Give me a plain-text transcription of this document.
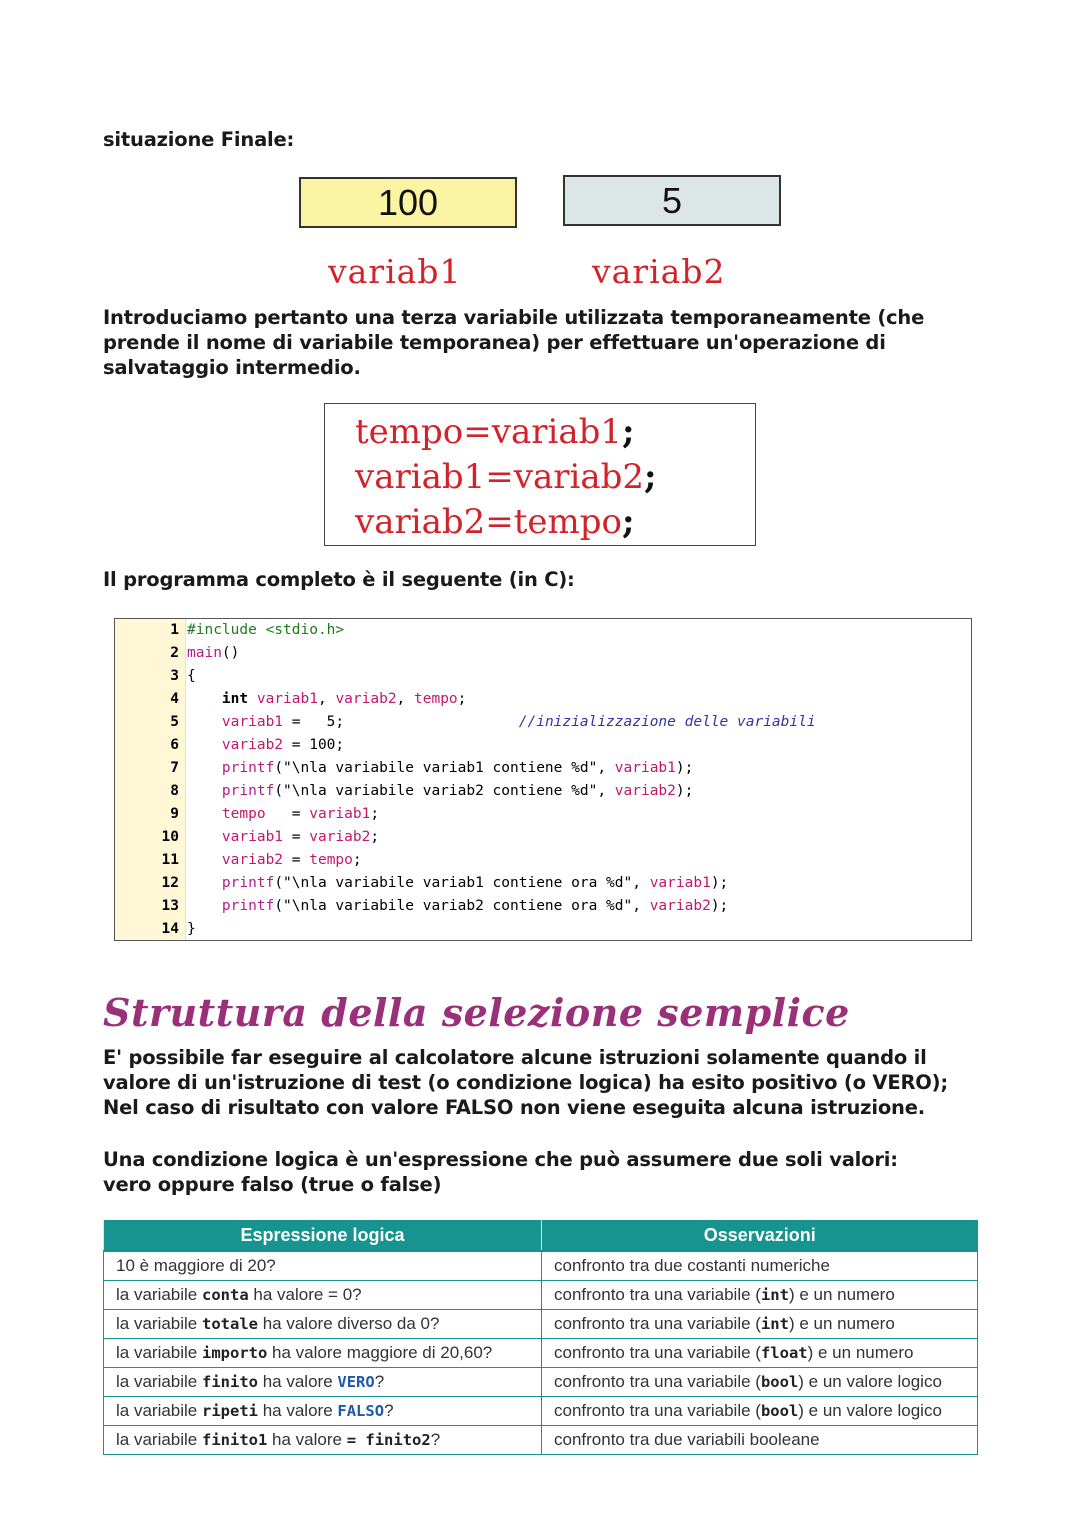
situazione Finale:
100	5
variab1	variab2
Introduciamo pertanto una terza variabile utilizzata temporaneamente (che
prende il nome di variabile temporanea) per effettuare un'operazione di
salvataggio intermedio.
tempo=variab1;
variab1=variab2;
variab2=tempo;
Il programma completo è il seguente (in C):
1 #include <stdio.h>
2 main()
3 {
4	int variab1, variab2, tempo;
5	variab1 =   5;	//inizializzazione delle variabili
6	variab2 = 100;
7	printf("\nla variabile variab1 contiene %d", variab1);
8	printf("\nla variabile variab2 contiene %d", variab2);
9	tempo   = variab1;
10	variab1 = variab2;
11	variab2 = tempo;
12	printf("\nla variabile variab1 contiene ora %d", variab1);
13	printf("\nla variabile variab2 contiene ora %d", variab2);
14 }
Struttura della selezione semplice
E' possibile far eseguire al calcolatore alcune istruzioni solamente quando il
valore di un'istruzione di test (o condizione logica) ha esito positivo (o VERO);
Nel caso di risultato con valore FALSO non viene eseguita alcuna istruzione.
Una condizione logica è un'espressione che può assumere due soli valori:
vero oppure falso (true o false)
Espressione logica	Osservazioni
10 è maggiore di 20?	confronto tra due costanti numeriche
la variabile conta ha valore = 0?	confronto tra una variabile (int) e un numero
la variabile totale ha valore diverso da 0?	confronto tra una variabile (int) e un numero
la variabile importo ha valore maggiore di 20,60?	confronto tra una variabile (float) e un numero
la variabile finito ha valore VERO?	confronto tra una variabile (bool) e un valore logico
la variabile ripeti ha valore FALSO?	confronto tra una variabile (bool) e un valore logico
la variabile finito1 ha valore = finito2?	confronto tra due variabili booleane
